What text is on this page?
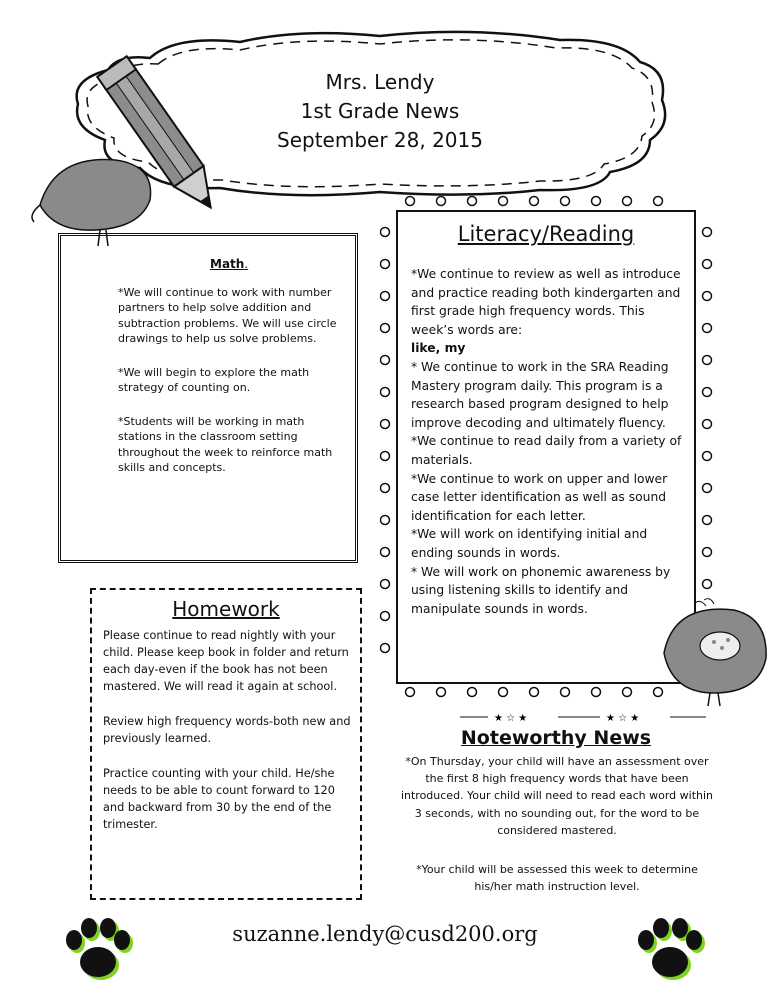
Mrs. Lendy
1st Grade News
September 28, 2015
Math.

*We will continue to work with number partners to help solve addition and subtraction problems. We will use circle drawings to help us solve problems.

*We will begin to explore the math strategy of counting on.

*Students will be working in math stations in the classroom setting throughout the week to reinforce math skills and concepts.

Homework

Please continue to read nightly with your child. Please keep book in folder and return each day-even if the book has not been mastered. We will read it again at school.

Review high frequency words-both new and previously learned.

Practice counting with your child. He/she needs to be able to count forward to 120 and backward from 30 by the end of the trimester.

Literacy/Reading
*We continue to review as well as introduce and practice reading both kindergarten and first grade high frequency words. This week’s words are:
like, my
* We continue to work in the SRA Reading Mastery program daily. This program is a research based program designed to help improve decoding and ultimately fluency.
*We continue to read daily from a variety of materials.
*We continue to work on upper and lower case letter identification as well as sound identification for each letter.
*We will work on identifying initial and ending sounds in words.
* We will work on phonemic awareness by using listening skills to identify and manipulate sounds in words.
★ ☆ ★	★ ☆ ★
Noteworthy News

*On Thursday, your child will have an assessment over the first 8 high frequency words that have been introduced. Your child will need to read each word within 3 seconds, with no sounding out, for the word to be considered mastered.

*Your child will be assessed this week to determine his/her math instruction level.

suzanne.lendy@cusd200.org
